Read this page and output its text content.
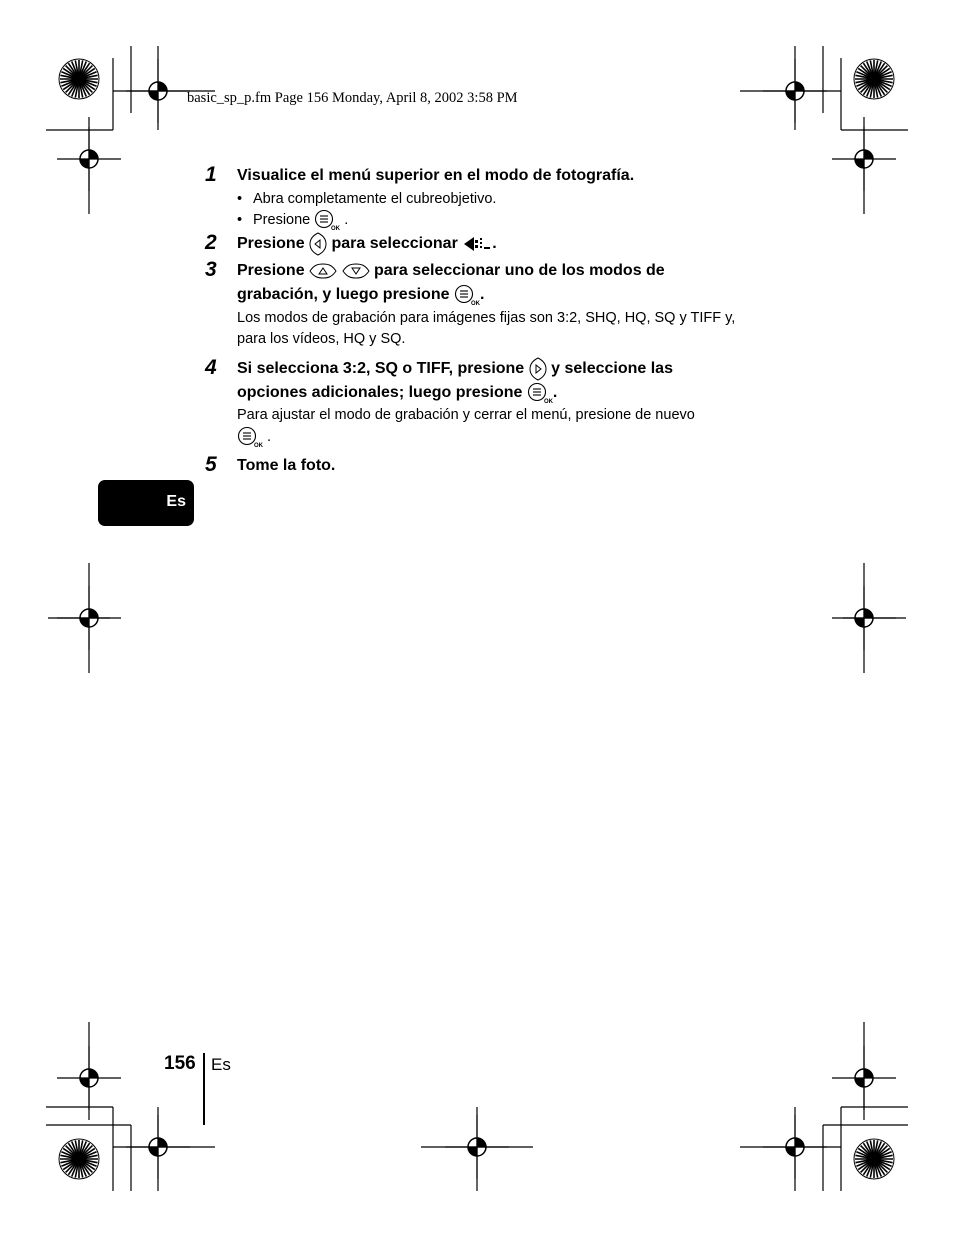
basic_sp_p.fm Page 156 Monday, April 8, 2002 3:58 PM
1 Visualice el menú superior en el modo de fotografía.
• Abra completamente el cubreobjetivo.
• Presione
OK
.
2 Presione para seleccionar .
3 Presione	para seleccionar uno de los modos de
grabación, y luego presione
OK
.
Los modos de grabación para imágenes fijas son 3:2, SHQ, HQ, SQ y TIFF y, para los vídeos, HQ y SQ.
4 Si selecciona 3:2, SQ o TIFF, presione y seleccione las
opciones adicionales; luego presione
OK
.
Para ajustar el modo de grabación y cerrar el menú, presione de nuevo

OK
.
5 Tome la foto.
Es
156 Es
